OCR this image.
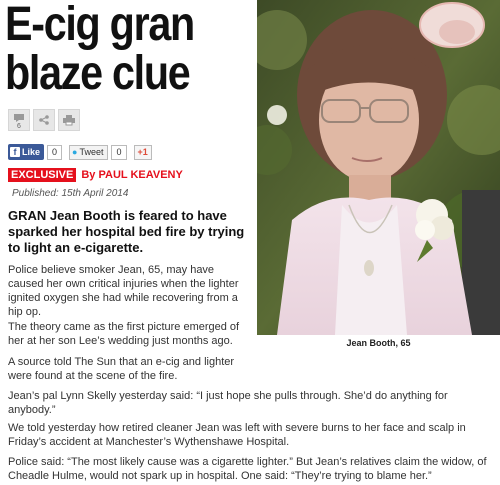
E-cig gran
blaze clue
6
f Like	0	● Tweet	0	+1
EXCLUSIVE By PAUL KEAVENY
Published: 15th April 2014
GRAN Jean Booth is feared to have sparked her hospital bed fire by trying to light an e-cigarette.
Police believe smoker Jean, 65, may have caused her own critical injuries when the lighter ignited oxygen she had while recovering from a hip op.
The theory came as the first picture emerged of her at her son Lee’s wedding just months ago.
A source told The Sun that an e-cig and lighter were found at the scene of the fire.
Jean’s pal Lynn Skelly yesterday said: “I just hope she pulls through. She’d do anything for anybody.”
We told yesterday how retired cleaner Jean was left with severe burns to her face and scalp in Friday’s accident at Manchester’s Wythenshawe Hospital.
Police said: “The most likely cause was a cigarette lighter.” But Jean’s relatives claim the widow, of Cheadle Hulme, would not spark up in hospital. One said: “They’re trying to blame her.”
Jean Booth, 65
